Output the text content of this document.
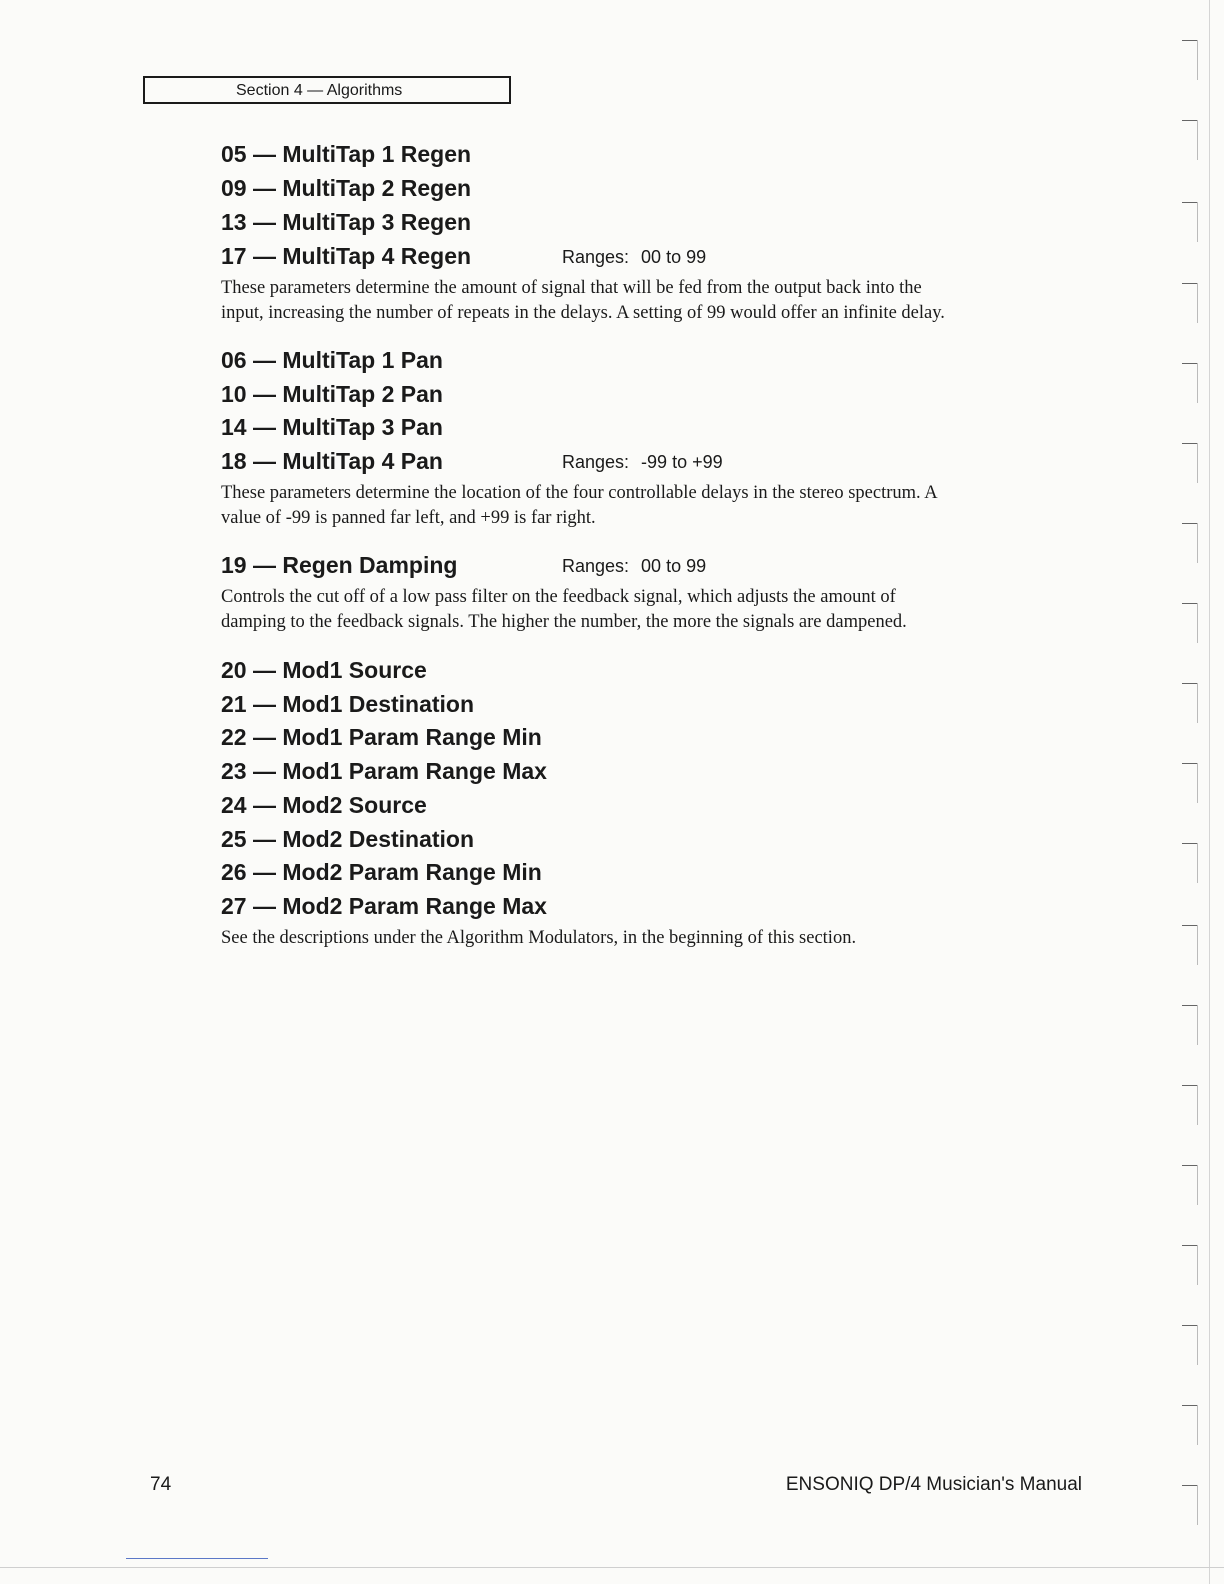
Section 4 — Algorithms
05 — MultiTap 1 Regen
09 — MultiTap 2 Regen
13 — MultiTap 3 Regen
17 — MultiTap 4 Regen	Ranges: 00 to 99

These parameters determine the amount of signal that will be fed from the output back into the

input, increasing the number of repeats in the delays. A setting of 99 would offer an infinite delay.

06 — MultiTap 1 Pan
10 — MultiTap 2 Pan
14 — MultiTap 3 Pan
18 — MultiTap 4 Pan	Ranges: -99 to +99

These parameters determine the location of the four controllable delays in the stereo spectrum. A

value of -99 is panned far left, and +99 is far right.

19 — Regen Damping	Ranges: 00 to 99

Controls the cut off of a low pass filter on the feedback signal, which adjusts the amount of

damping to the feedback signals. The higher the number, the more the signals are dampened.

20 — Mod1 Source
21 — Mod1 Destination
22 — Mod1 Param Range Min
23 — Mod1 Param Range Max
24 — Mod2 Source
25 — Mod2 Destination
26 — Mod2 Param Range Min
27 — Mod2 Param Range Max

See the descriptions under the Algorithm Modulators, in the beginning of this section.

74	ENSONIQ DP/4 Musician's Manual
